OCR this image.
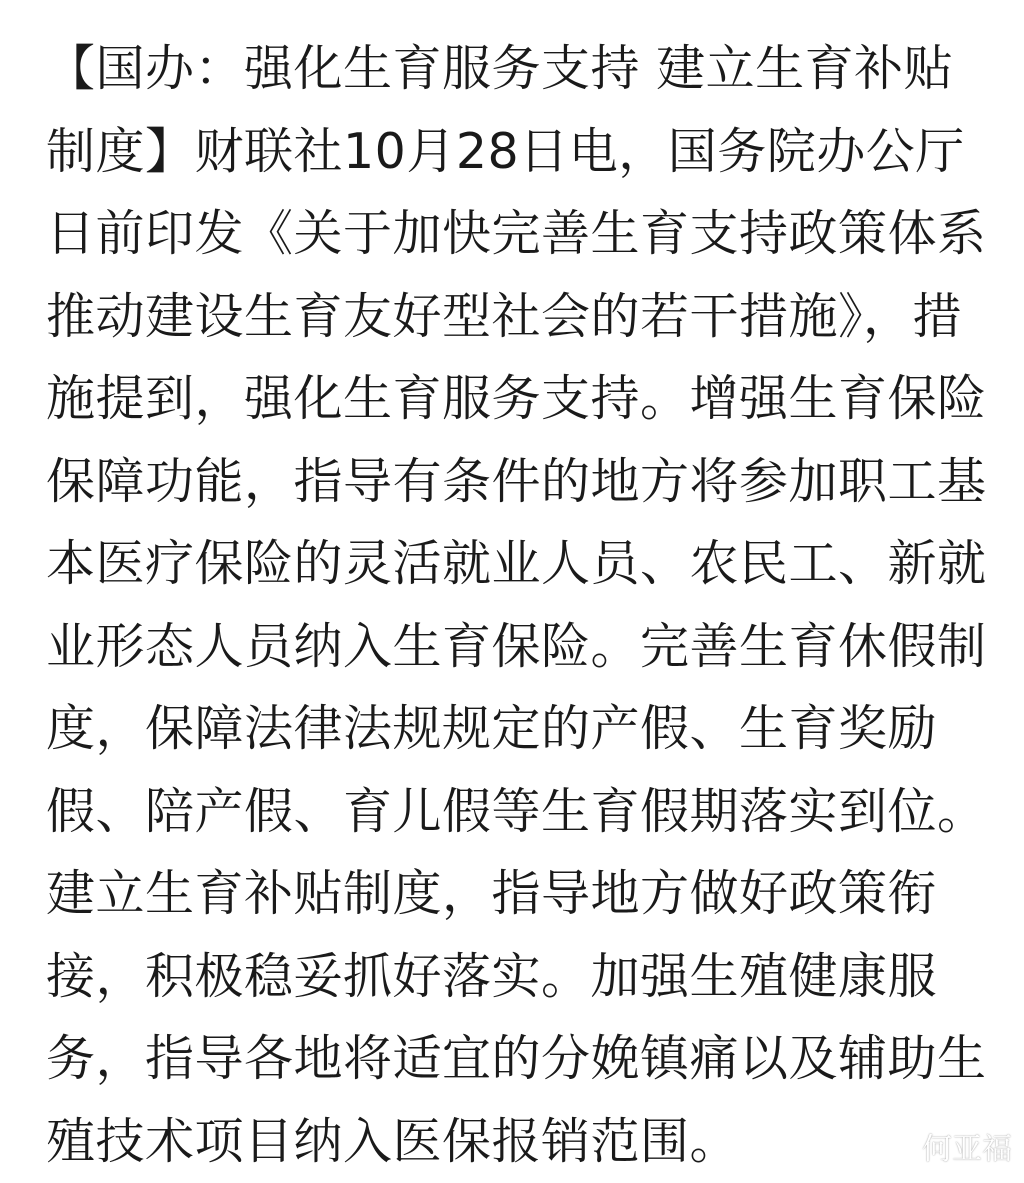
【国办：强化生育服务支持 建立生育补贴
制度】财联社10月28日电，国务院办公厅
日前印发《关于加快完善生育支持政策体系
推动建设生育友好型社会的若干措施》，措
施提到，强化生育服务支持。增强生育保险
保障功能，指导有条件的地方将参加职工基
本医疗保险的灵活就业人员、农民工、新就
业形态人员纳入生育保险。完善生育休假制
度，保障法律法规规定的产假、生育奖励
假、陪产假、育儿假等生育假期落实到位。
建立生育补贴制度，指导地方做好政策衔
接，积极稳妥抓好落实。加强生殖健康服
务，指导各地将适宜的分娩镇痛以及辅助生
殖技术项目纳入医保报销范围。	何亚福
